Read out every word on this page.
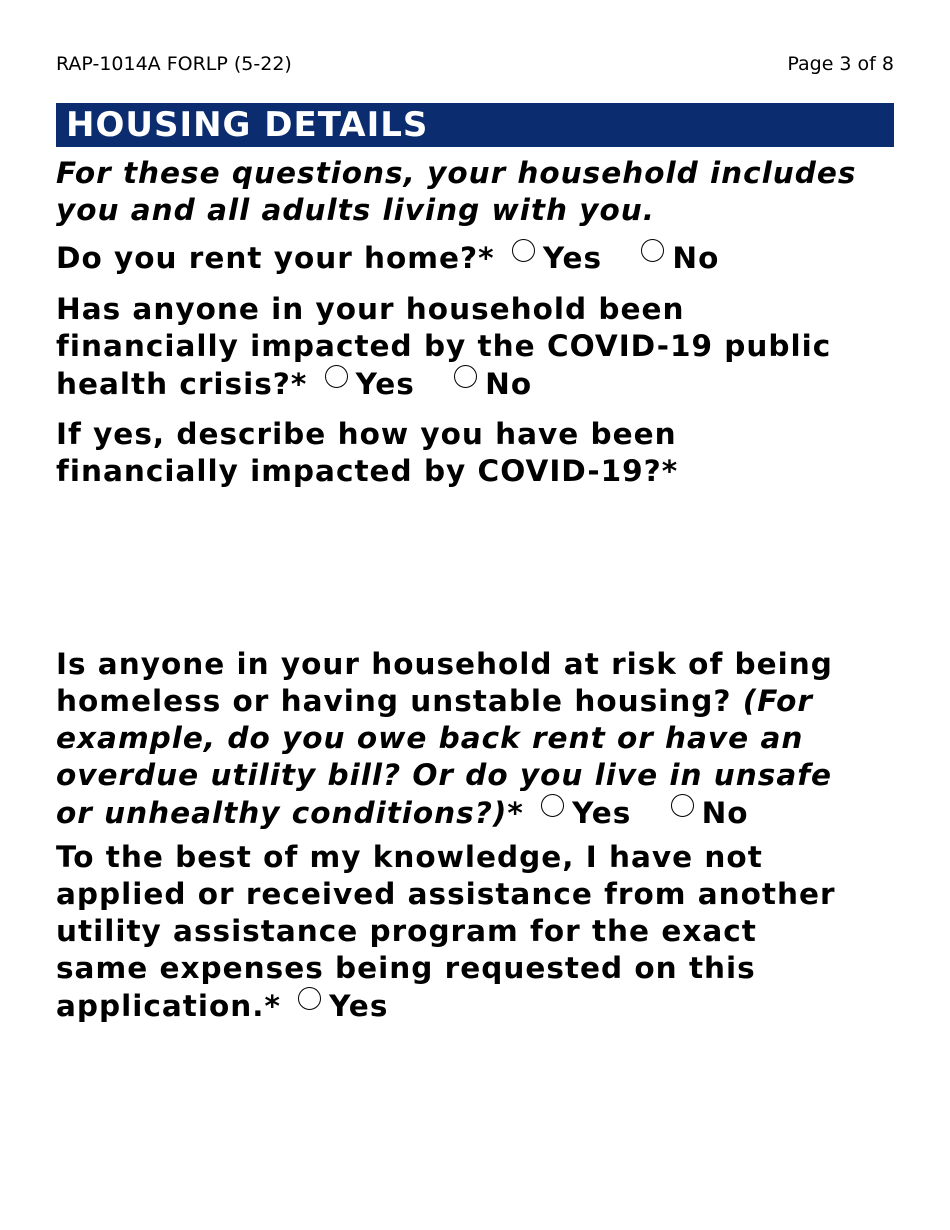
RAP-1014A FORLP (5-22)	Page 3 of 8
HOUSING DETAILS
For these questions, your household includes
you and all adults living with you.
Do you rent your home?* Yes No
Has anyone in your household been
financially impacted by the COVID-19 public
health crisis?* Yes No
If yes, describe how you have been
financially impacted by COVID-19?*
Is anyone in your household at risk of being
homeless or having unstable housing? (For
example, do you owe back rent or have an
overdue utility bill? Or do you live in unsafe
or unhealthy conditions?)* Yes No
To the best of my knowledge, I have not
applied or received assistance from another
utility assistance program for the exact
same expenses being requested on this
application.* Yes
